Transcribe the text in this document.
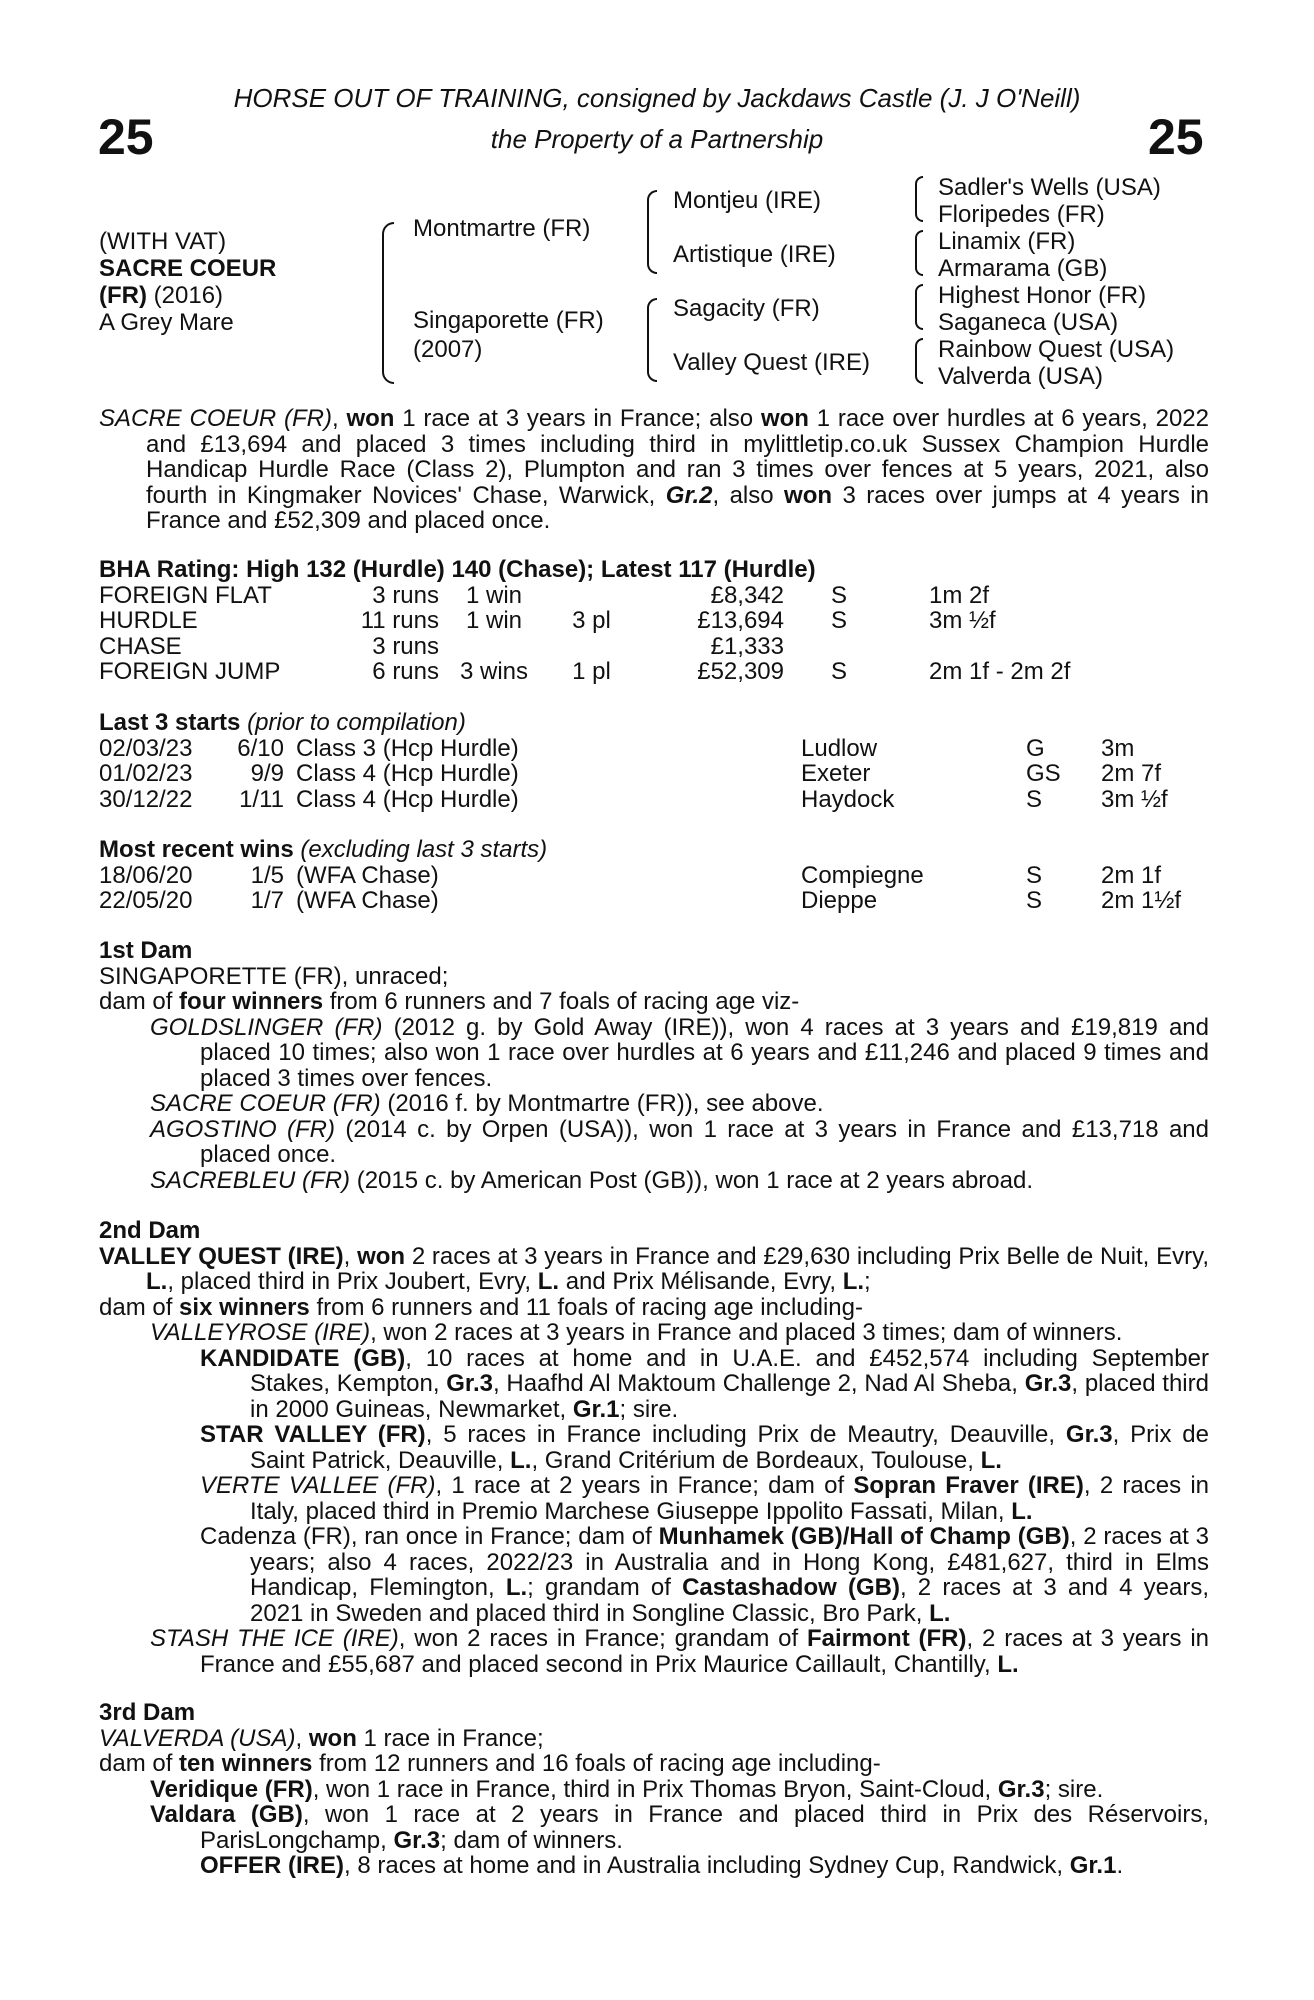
25	25
HORSE OUT OF TRAINING, consigned by Jackdaws Castle (J. J O'Neill)
the Property of a Partnership
(WITH VAT)
SACRE COEUR
(FR) (2016)
A Grey Mare
Montmartre (FR)
Singaporette (FR)
(2007)
Montjeu (IRE)
Artistique (IRE)
Sagacity (FR)
Valley Quest (IRE)
Sadler's Wells (USA)
Floripedes (FR)
Linamix (FR)
Armarama (GB)
Highest Honor (FR)
Saganeca (USA)
Rainbow Quest (USA)
Valverda (USA)

SACRE COEUR (FR), won 1 race at 3 years in France; also won 1 race over hurdles at 6 years, 2022 and £13,694 and placed 3 times including third in mylittletip.co.uk Sussex Champion Hurdle Handicap Hurdle Race (Class 2), Plumpton and ran 3 times over fences at 5 years, 2021, also fourth in Kingmaker Novices' Chase, Warwick, Gr.2, also won 3 races over jumps at 4 years in France and £52,309 and placed once.

BHA Rating: High 132 (Hurdle) 140 (Chase); Latest 117 (Hurdle)
FOREIGN FLAT	3 runs	1 win		£8,342	S	1m 2f
HURDLE	11 runs	1 win	3 pl	£13,694	S	3m ½f
CHASE	3 runs			£1,333		
FOREIGN JUMP	6 runs	3 wins	1 pl	£52,309	S	2m 1f - 2m 2f
Last 3 starts (prior to compilation)
02/03/23	6/10	Class 3 (Hcp Hurdle)	Ludlow	G	3m
01/02/23	9/9	Class 4 (Hcp Hurdle)	Exeter	GS	2m 7f
30/12/22	1/11	Class 4 (Hcp Hurdle)	Haydock	S	3m ½f
Most recent wins (excluding last 3 starts)
18/06/20	1/5	(WFA Chase)	Compiegne	S	2m 1f
22/05/20	1/7	(WFA Chase)	Dieppe	S	2m 1½f
1st Dam

SINGAPORETTE (FR), unraced;

dam of four winners from 6 runners and 7 foals of racing age viz-

GOLDSLINGER (FR) (2012 g. by Gold Away (IRE)), won 4 races at 3 years and £19,819 and placed 10 times; also won 1 race over hurdles at 6 years and £11,246 and placed 9 times and placed 3 times over fences.

SACRE COEUR (FR) (2016 f. by Montmartre (FR)), see above.

AGOSTINO (FR) (2014 c. by Orpen (USA)), won 1 race at 3 years in France and £13,718 and placed once.

SACREBLEU (FR) (2015 c. by American Post (GB)), won 1 race at 2 years abroad.

2nd Dam

VALLEY QUEST (IRE), won 2 races at 3 years in France and £29,630 including Prix Belle de Nuit, Evry, L., placed third in Prix Joubert, Evry, L. and Prix Mélisande, Evry, L.;

dam of six winners from 6 runners and 11 foals of racing age including-

VALLEYROSE (IRE), won 2 races at 3 years in France and placed 3 times; dam of winners.

KANDIDATE (GB), 10 races at home and in U.A.E. and £452,574 including September Stakes, Kempton, Gr.3, Haafhd Al Maktoum Challenge 2, Nad Al Sheba, Gr.3, placed third in 2000 Guineas, Newmarket, Gr.1; sire.

STAR VALLEY (FR), 5 races in France including Prix de Meautry, Deauville, Gr.3, Prix de Saint Patrick, Deauville, L., Grand Critérium de Bordeaux, Toulouse, L.

VERTE VALLEE (FR), 1 race at 2 years in France; dam of Sopran Fraver (IRE), 2 races in Italy, placed third in Premio Marchese Giuseppe Ippolito Fassati, Milan, L.

Cadenza (FR), ran once in France; dam of Munhamek (GB)/Hall of Champ (GB), 2 races at 3 years; also 4 races, 2022/23 in Australia and in Hong Kong, £481,627, third in Elms Handicap, Flemington, L.; grandam of Castashadow (GB), 2 races at 3 and 4 years, 2021 in Sweden and placed third in Songline Classic, Bro Park, L.

STASH THE ICE (IRE), won 2 races in France; grandam of Fairmont (FR), 2 races at 3 years in France and £55,687 and placed second in Prix Maurice Caillault, Chantilly, L.

3rd Dam

VALVERDA (USA), won 1 race in France;

dam of ten winners from 12 runners and 16 foals of racing age including-

Veridique (FR), won 1 race in France, third in Prix Thomas Bryon, Saint-Cloud, Gr.3; sire.

Valdara (GB), won 1 race at 2 years in France and placed third in Prix des Réservoirs, ParisLongchamp, Gr.3; dam of winners.

OFFER (IRE), 8 races at home and in Australia including Sydney Cup, Randwick, Gr.1.
